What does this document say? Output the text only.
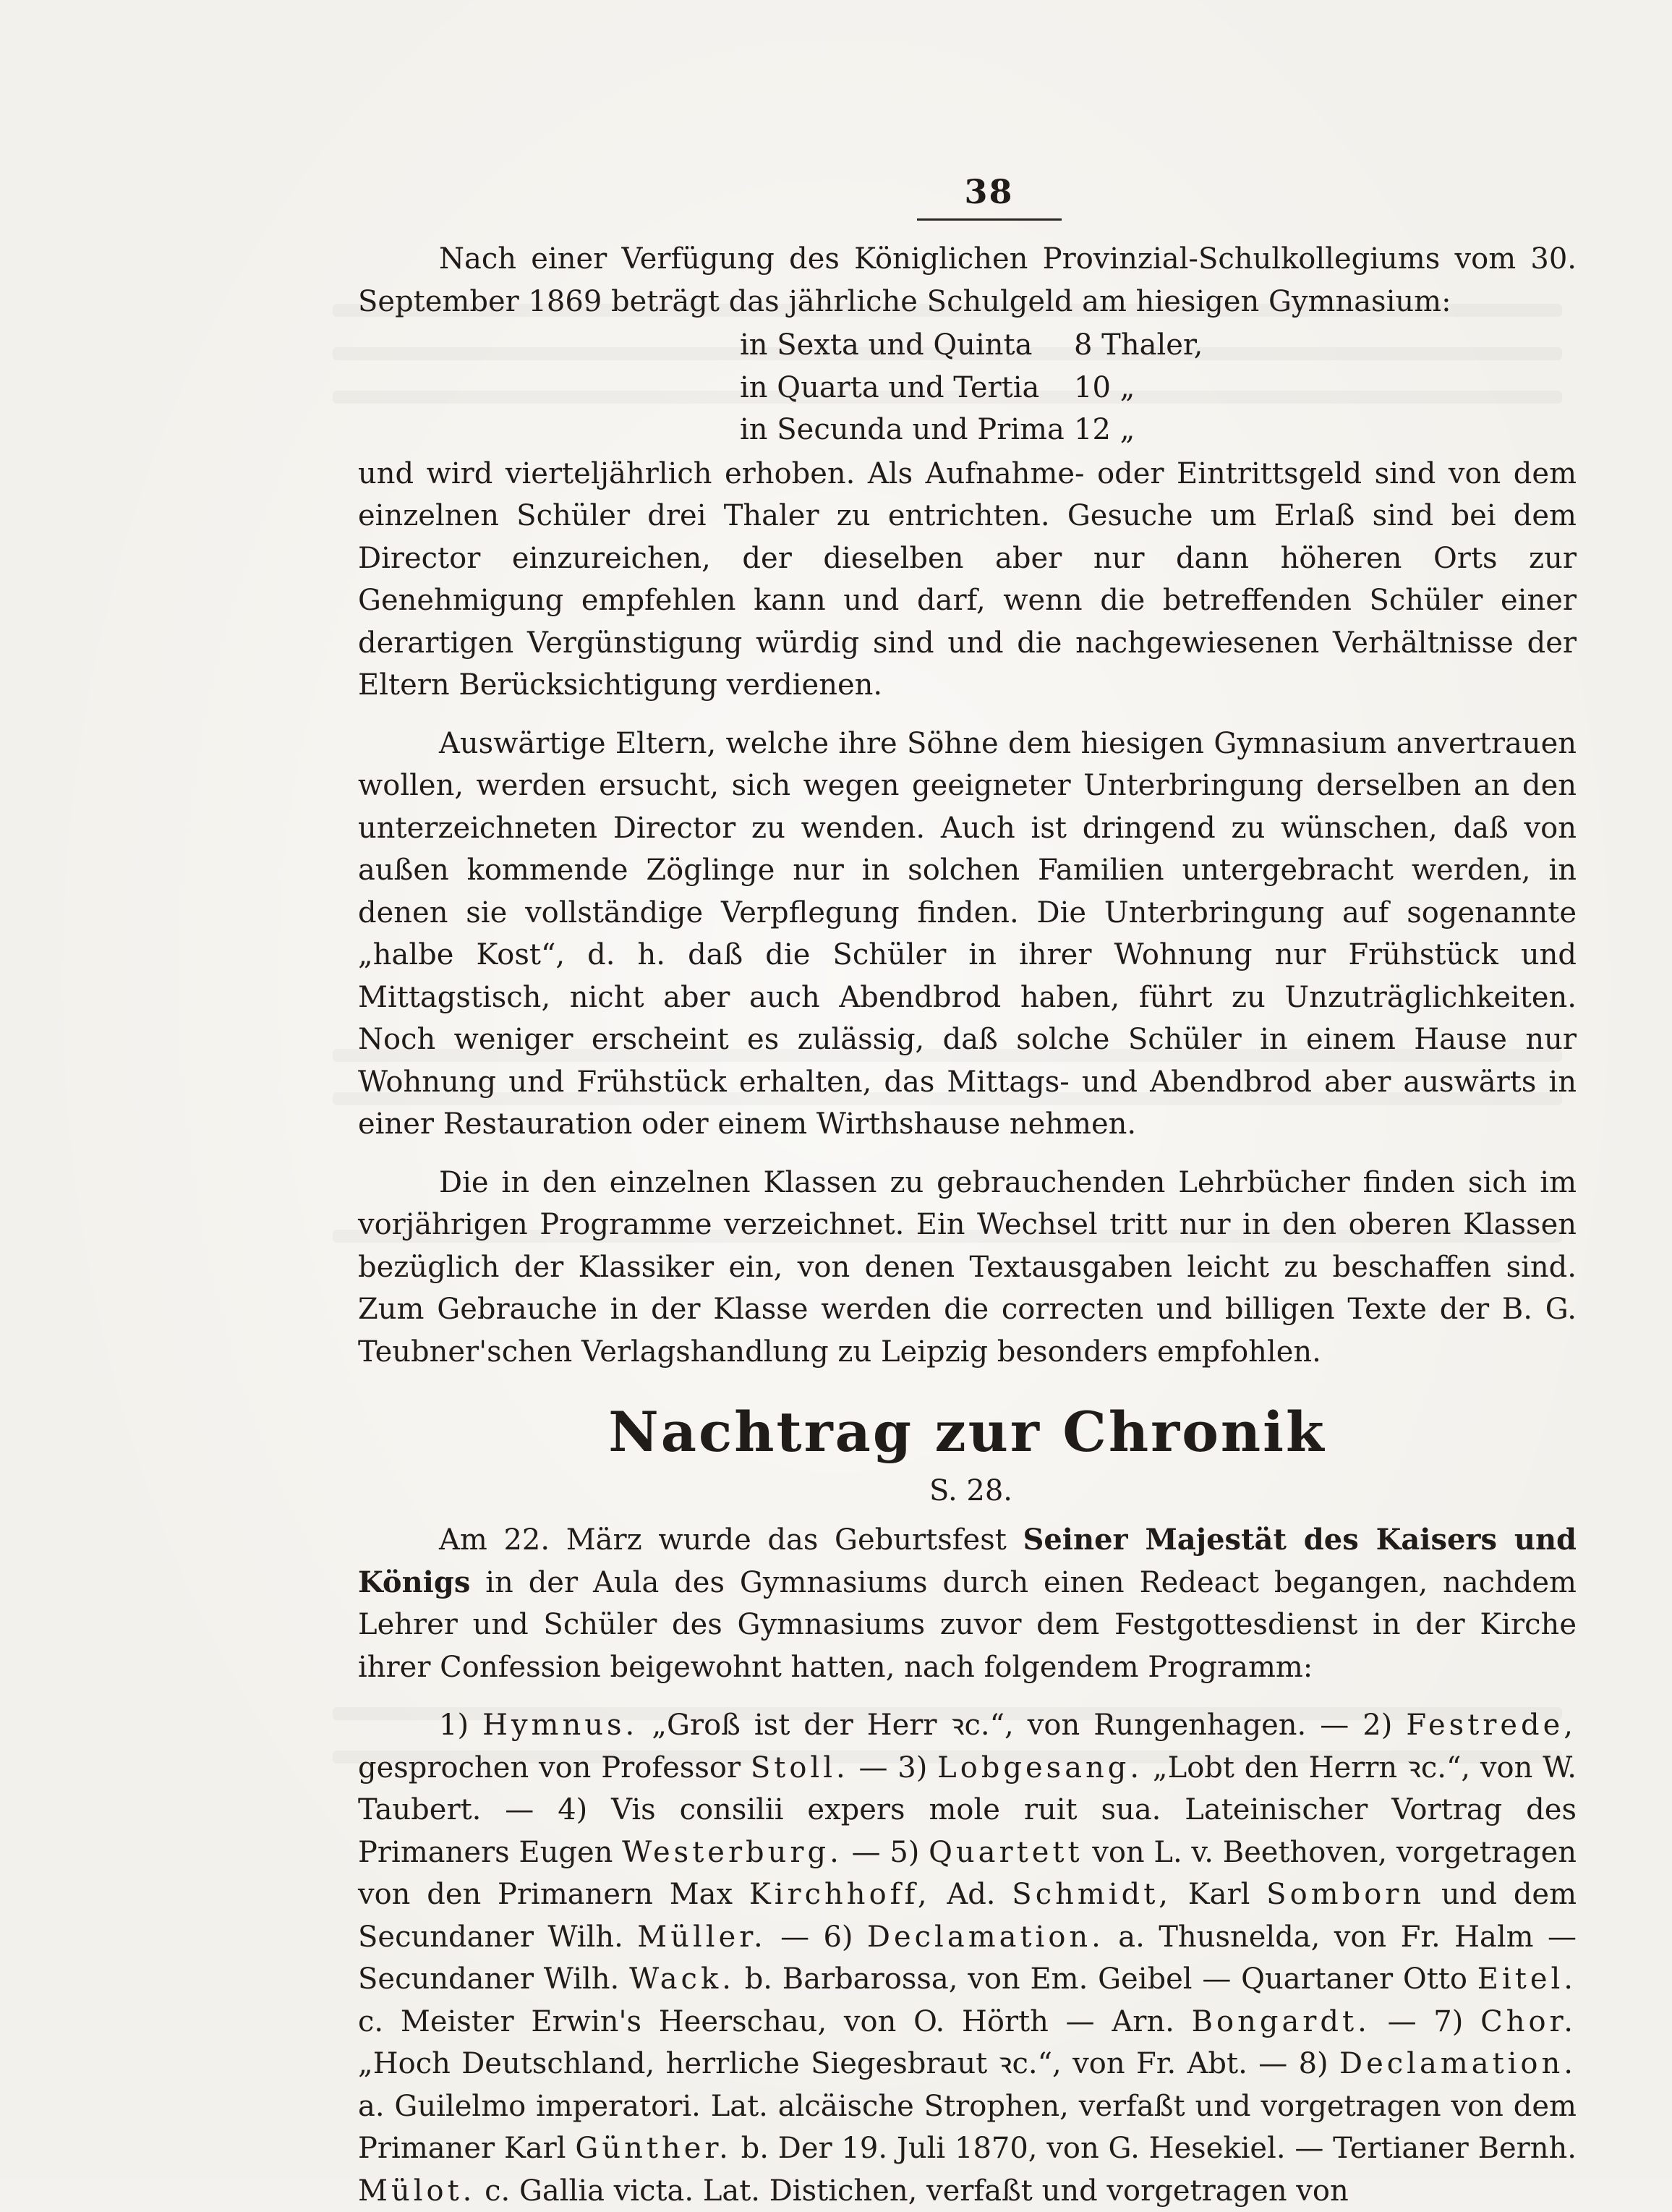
38

Nach einer Verfügung des Königlichen Provinzial-Schulkollegiums vom 30. September 1869 beträgt das jährliche Schulgeld am hiesigen Gymnasium:

in Sexta und Quinta	8 Thaler,
in Quarta und Tertia	10 „
in Secunda und Prima 12 „

und wird vierteljährlich erhoben. Als Aufnahme- oder Eintrittsgeld sind von dem einzelnen Schüler drei Thaler zu entrichten. Gesuche um Erlaß sind bei dem Director einzureichen, der dieselben aber nur dann höheren Orts zur Genehmigung empfehlen kann und darf, wenn die betreffenden Schüler einer derartigen Vergünstigung würdig sind und die nachgewiesenen Verhältnisse der Eltern Berücksichtigung verdienen.

Auswärtige Eltern, welche ihre Söhne dem hiesigen Gymnasium anvertrauen wollen, werden ersucht, sich wegen geeigneter Unterbringung derselben an den unterzeichneten Director zu wenden. Auch ist dringend zu wünschen, daß von außen kommende Zöglinge nur in solchen Familien untergebracht werden, in denen sie vollständige Verpflegung finden. Die Unterbringung auf sogenannte „halbe Kost“, d. h. daß die Schüler in ihrer Wohnung nur Frühstück und Mittagstisch, nicht aber auch Abendbrod haben, führt zu Unzuträglichkeiten. Noch weniger erscheint es zulässig, daß solche Schüler in einem Hause nur Wohnung und Frühstück erhalten, das Mittags- und Abendbrod aber auswärts in einer Restauration oder einem Wirthshause nehmen.

Die in den einzelnen Klassen zu gebrauchenden Lehrbücher finden sich im vorjährigen Programme verzeichnet. Ein Wechsel tritt nur in den oberen Klassen bezüglich der Klassiker ein, von denen Textausgaben leicht zu beschaffen sind. Zum Gebrauche in der Klasse werden die correcten und billigen Texte der B. G. Teubner'schen Verlagshandlung zu Leipzig besonders empfohlen.

Nachtrag zur Chronik
S. 28.

Am 22. März wurde das Geburtsfest Seiner Majestät des Kaisers und Königs in der Aula des Gymnasiums durch einen Redeact begangen, nachdem Lehrer und Schüler des Gymnasiums zuvor dem Festgottesdienst in der Kirche ihrer Confession beigewohnt hatten, nach folgendem Programm:

1) Hymnus. „Groß ist der Herr ꝛc.“, von Rungenhagen. — 2) Festrede, gesprochen von Professor Stoll. — 3) Lobgesang. „Lobt den Herrn ꝛc.“, von W. Taubert. — 4) Vis consilii expers mole ruit sua. Lateinischer Vortrag des Primaners Eugen Westerburg. — 5) Quartett von L. v. Beethoven, vorgetragen von den Primanern Max Kirchhoff, Ad. Schmidt, Karl Somborn und dem Secundaner Wilh. Müller. — 6) Declamation. a. Thusnelda, von Fr. Halm — Secundaner Wilh. Wack. b. Barbarossa, von Em. Geibel — Quartaner Otto Eitel. c. Meister Erwin's Heerschau, von O. Hörth — Arn. Bongardt. — 7) Chor. „Hoch Deutschland, herrliche Siegesbraut ꝛc.“, von Fr. Abt. — 8) Declamation. a. Guilelmo imperatori. Lat. alcäische Strophen, verfaßt und vorgetragen von dem Primaner Karl Günther. b. Der 19. Juli 1870, von G. Hesekiel. — Tertianer Bernh. Mülot. c. Gallia victa. Lat. Distichen, verfaßt und vorgetragen von
